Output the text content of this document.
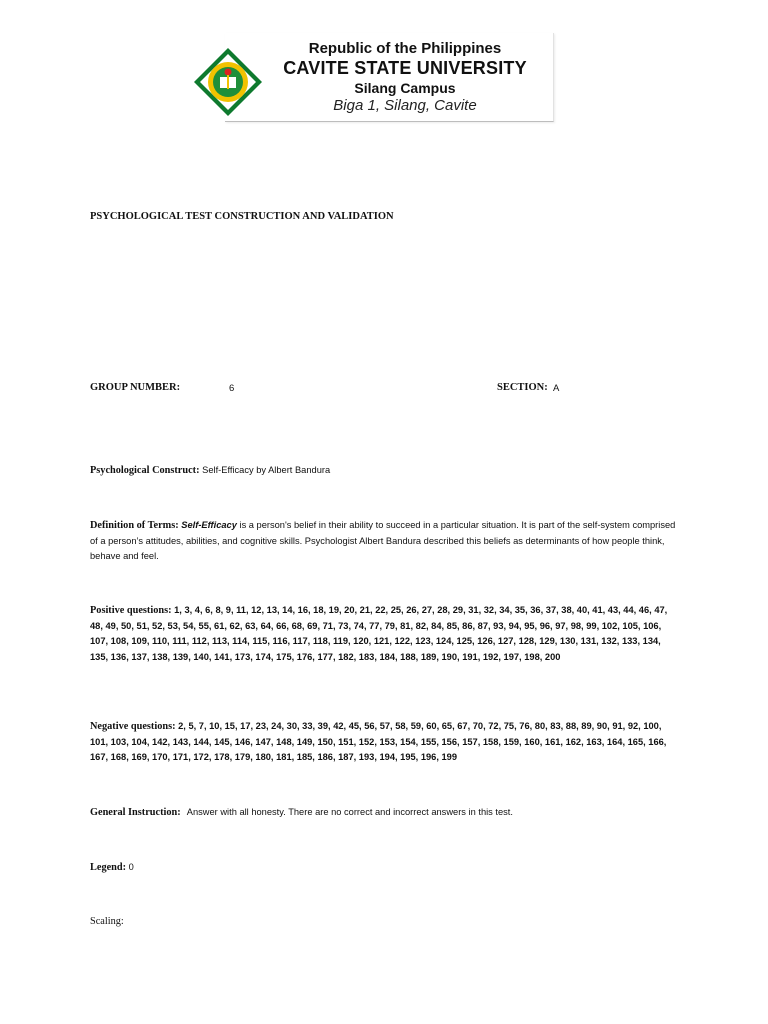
Republic of the Philippines
CAVITE STATE UNIVERSITY
Silang Campus
Biga 1, Silang, Cavite
PSYCHOLOGICAL TEST CONSTRUCTION AND VALIDATION
GROUP NUMBER:	6	SECTION: A
Psychological Construct: Self-Efficacy by Albert Bandura
Definition of Terms: Self-Efficacy is a person's belief in their ability to succeed in a particular situation. It is part of the self-system comprised of a person’s attitudes, abilities, and cognitive skills. Psychologist Albert Bandura described this beliefs as determinants of how people think, behave and feel.
Positive questions: 1, 3, 4, 6, 8, 9, 11, 12, 13, 14, 16, 18, 19, 20, 21, 22, 25, 26, 27, 28, 29, 31, 32, 34, 35, 36, 37, 38, 40, 41, 43, 44, 46, 47, 48, 49, 50, 51, 52, 53, 54, 55, 61, 62, 63, 64, 66, 68, 69, 71, 73, 74, 77, 79, 81, 82, 84, 85, 86, 87, 93, 94, 95, 96, 97, 98, 99, 102, 105, 106, 107, 108, 109, 110, 111, 112, 113, 114, 115, 116, 117, 118, 119, 120, 121, 122, 123, 124, 125, 126, 127, 128, 129, 130, 131, 132, 133, 134, 135, 136, 137, 138, 139, 140, 141, 173, 174, 175, 176, 177, 182, 183, 184, 188, 189, 190, 191, 192, 197, 198, 200
Negative questions: 2, 5, 7, 10, 15, 17, 23, 24, 30, 33, 39, 42, 45, 56, 57, 58, 59, 60, 65, 67, 70, 72, 75, 76, 80, 83, 88, 89, 90, 91, 92, 100, 101, 103, 104, 142, 143, 144, 145, 146, 147, 148, 149, 150, 151, 152, 153, 154, 155, 156, 157, 158, 159, 160, 161, 162, 163, 164, 165, 166, 167, 168, 169, 170, 171, 172, 178, 179, 180, 181, 185, 186, 187, 193, 194, 195, 196, 199
General Instruction: Answer with all honesty. There are no correct and incorrect answers in this test.
Legend: 0
Scaling:
